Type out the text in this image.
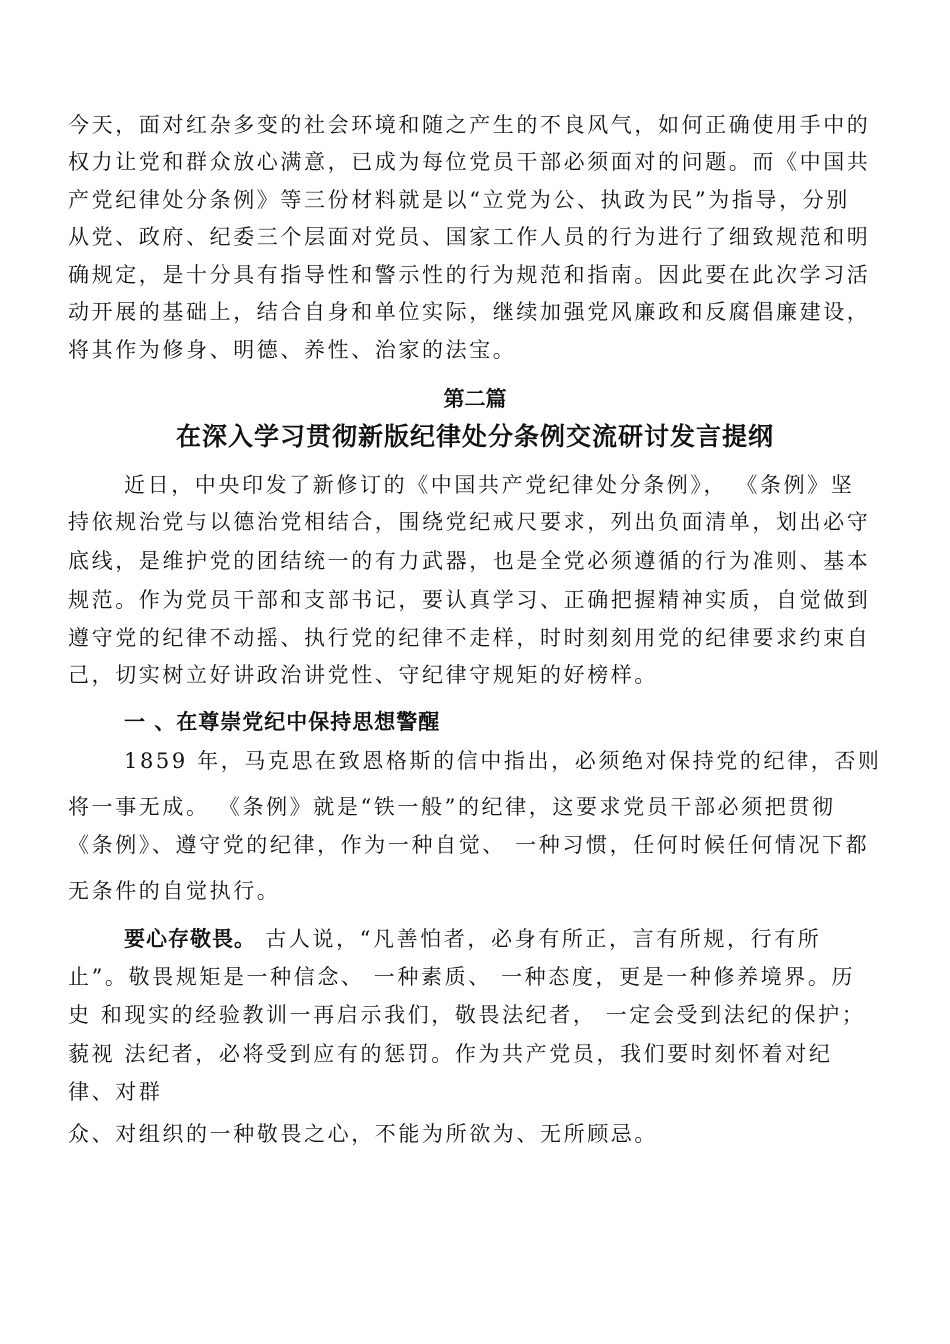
今天，面对红杂多变的社会环境和随之产生的不良风气，如何正确使用手中的
权力让党和群众放心满意，已成为每位党员干部必须面对的问题。而《中国共
产党纪律处分条例》等三份材料就是以“立党为公、执政为民”为指导，分别
从党、政府、纪委三个层面对党员、国家工作人员的行为进行了细致规范和明
确规定，是十分具有指导性和警示性的行为规范和指南。因此要在此次学习活
动开展的基础上，结合自身和单位实际，继续加强党风廉政和反腐倡廉建设，
将其作为修身、明德、养性、治家的法宝。
第二篇
在深入学习贯彻新版纪律处分条例交流研讨发言提纲
近日，中央印发了新修订的《中国共产党纪律处分条例》， 《条例》坚
持依规治党与以德治党相结合，围绕党纪戒尺要求，列出负面清单，划出必守
底线，是维护党的团结统一的有力武器，也是全党必须遵循的行为准则、基本
规范。作为党员干部和支部书记，要认真学习、正确把握精神实质，自觉做到
遵守党的纪律不动摇、执行党的纪律不走样，时时刻刻用党的纪律要求约束自
己，切实树立好讲政治讲党性、守纪律守规矩的好榜样。
一 、在尊崇党纪中保持思想警醒
1859 年，马克思在致恩格斯的信中指出，必须绝对保持党的纪律，否则
将一事无成。 《条例》就是“铁一般”的纪律，这要求党员干部必须把贯彻
《条例》、遵守党的纪律，作为一种自觉、 一种习惯，任何时候任何情况下都
无条件的自觉执行。
要心存敬畏。 古人说，“凡善怕者，必身有所正，言有所规，行有所
止”。敬畏规矩是一种信念、 一种素质、 一种态度，更是一种修养境界。历
史 和现实的经验教训一再启示我们，敬畏法纪者， 一定会受到法纪的保护；
藐视 法纪者，必将受到应有的惩罚。作为共产党员，我们要时刻怀着对纪
律、对群
众、对组织的一种敬畏之心，不能为所欲为、无所顾忌。
